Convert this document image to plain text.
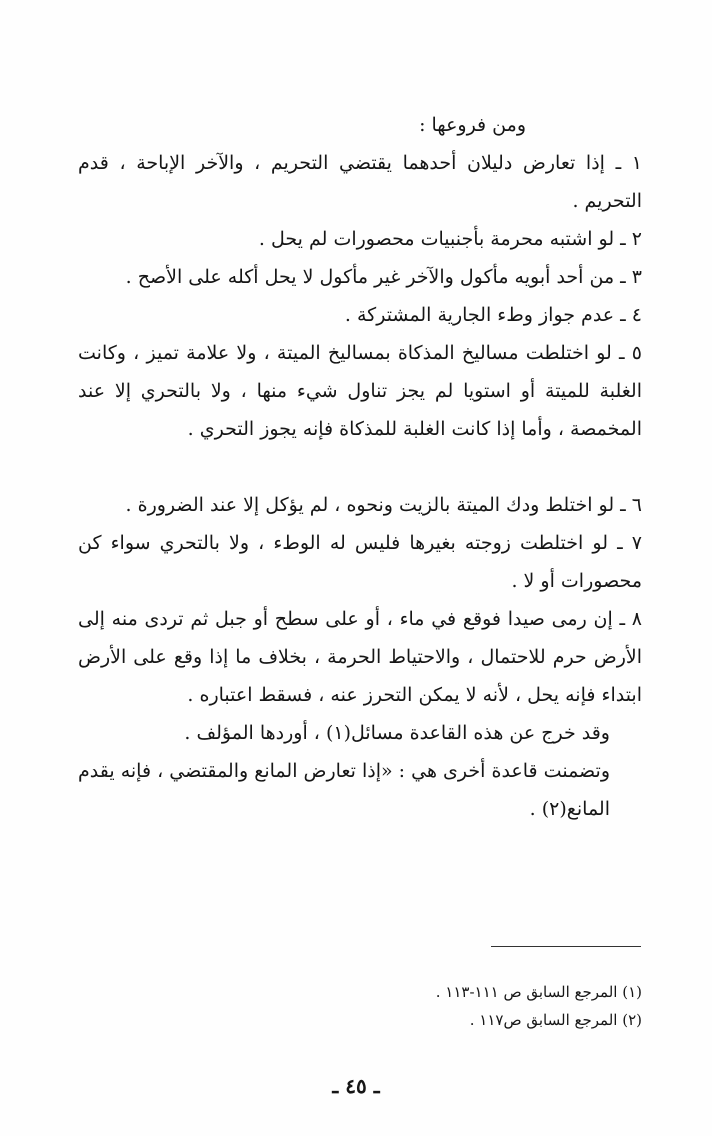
ومن فروعها :

١ ـ إذا تعارض دليلان أحدهما يقتضي التحريم ، والآخر الإباحة ، قدم التحريم .

٢ ـ لو اشتبه محرمة بأجنبيات محصورات لم يحل .

٣ ـ من أحد أبويه مأكول والآخر غير مأكول لا يحل أكله على الأصح .

٤ ـ عدم جواز وطء الجارية المشتركة .

٥ ـ لو اختلطت مساليخ المذكاة بمساليخ الميتة ، ولا علامة تميز ، وكانت الغلبة للميتة أو استويا لم يجز تناول شيء منها ، ولا بالتحري إلا عند المخمصة ، وأما إذا كانت الغلبة للمذكاة فإنه يجوز التحري .

٦ ـ لو اختلط ودك الميتة بالزيت ونحوه ، لم يؤكل إلا عند الضرورة .

٧ ـ لو اختلطت زوجته بغيرها فليس له الوطء ، ولا بالتحري سواء كن محصورات أو لا .

٨ ـ إن رمى صيدا فوقع في ماء ، أو على سطح أو جبل ثم تردى منه إلى الأرض حرم للاحتمال ، والاحتياط الحرمة ، بخلاف ما إذا وقع على الأرض ابتداء فإنه يحل ، لأنه لا يمكن التحرز عنه ، فسقط اعتباره .

وقد خرج عن هذه القاعدة مسائل(١) ، أوردها المؤلف .

وتضمنت قاعدة أخرى هي : «إذا تعارض المانع والمقتضي ، فإنه يقدم المانع(٢) .

(١) المرجع السابق ص ١١١-١١٣ .

(٢) المرجع السابق ص١١٧ .

ـ ٤٥ ـ
